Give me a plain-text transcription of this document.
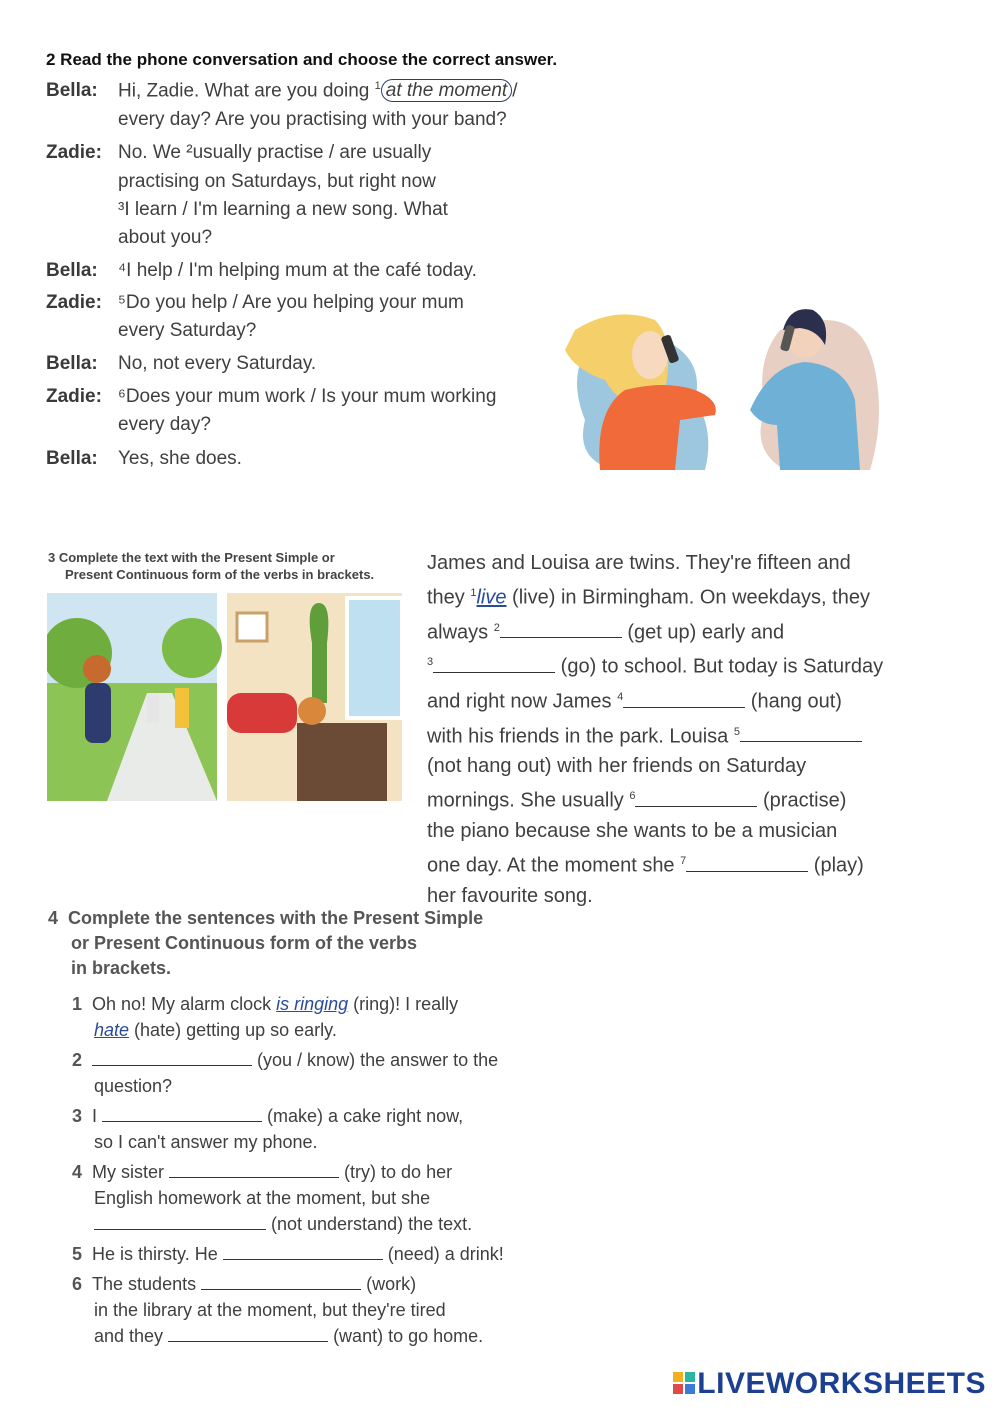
2 Read the phone conversation and choose the correct answer.
Bella: Hi, Zadie. What are you doing $^1$ at the moment /
every day? Are you practising with your band?
Zadie: No. We ²usually practise / are usually
practising on Saturdays, but right now
³I learn / I'm learning a new song. What
about you?
Bella: ⁴I help / I'm helping mum at the café today.
Zadie: ⁵Do you help / Are you helping your mum
every Saturday?
Bella: No, not every Saturday.
Zadie: ⁶Does your mum work / Is your mum working
every day?
Bella: Yes, she does.
3 Complete the text with the Present Simple or
Present Continuous form of the verbs in brackets.
James and Louisa are twins. They're fifteen and
they $^1$live (live) in Birmingham. On weekdays, they
always $^2$	(get up) early and
$^3$	(go) to school. But today is Saturday
and right now James $^4$	(hang out)
with his friends in the park. Louisa $^5$
(not hang out) with her friends on Saturday
mornings. She usually $^6$	(practise)
the piano because she wants to be a musician
one day. At the moment she $^7$	(play)
her favourite song.
4 Complete the sentences with the Present Simple
or Present Continuous form of the verbs
in brackets.
1 Oh no! My alarm clock is ringing (ring)! I really
hate (hate) getting up so early.
2	(you / know) the answer to the
question?
3 I	(make) a cake right now,
so I can't answer my phone.
4 My sister	(try) to do her
English homework at the moment, but she
(not understand) the text.
5 He is thirsty. He	(need) a drink!
6 The students	(work)
in the library at the moment, but they're tired
and they	(want) to go home.
LIVEWORKSHEETS
